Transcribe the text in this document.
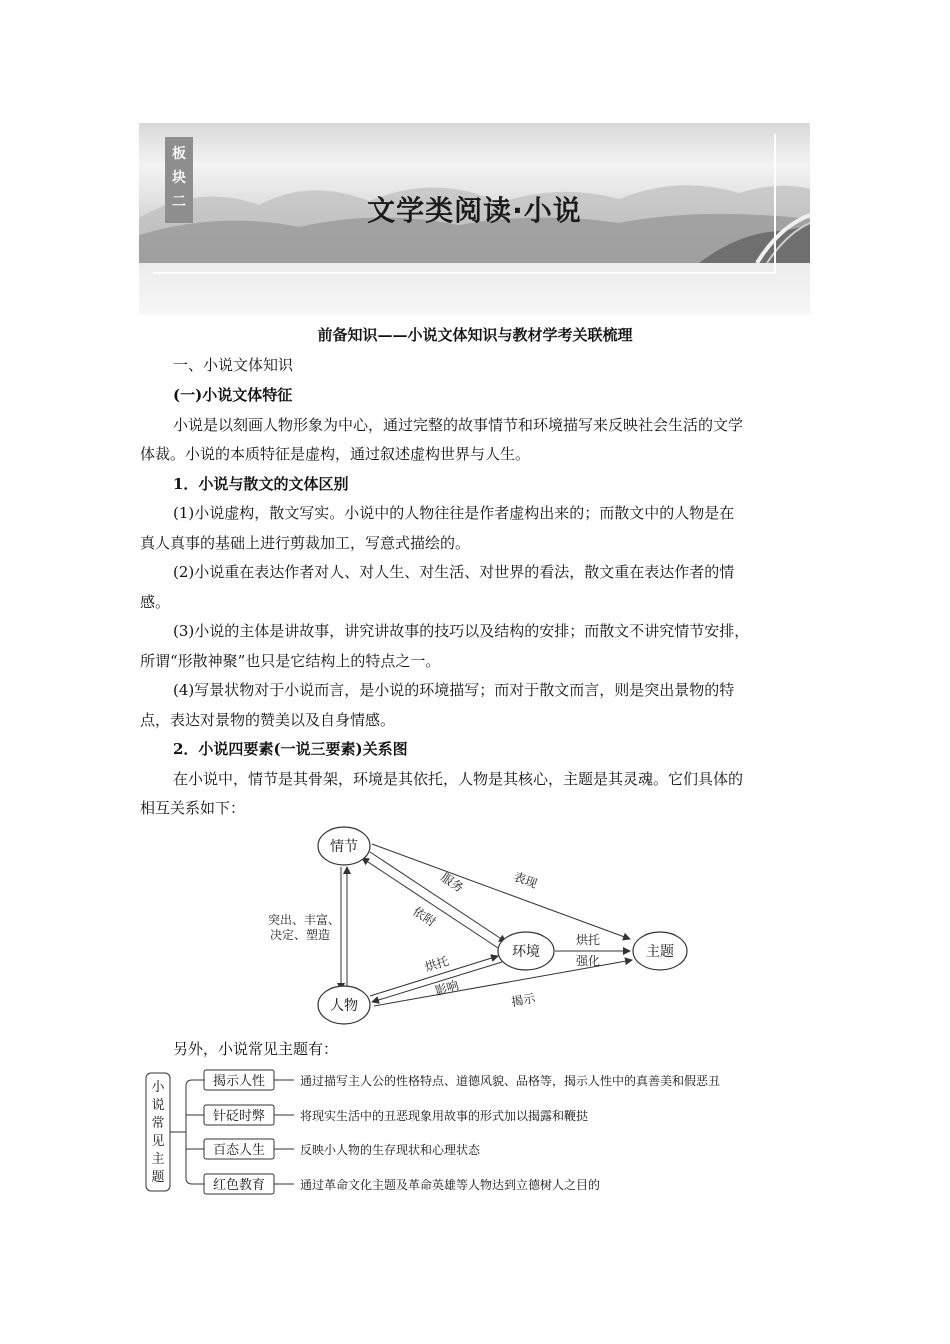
板
块
二	文学类阅读·小说
前备知识——小说文体知识与教材学考关联梳理
一、小说文体知识
(一)小说文体特征
小说是以刻画人物形象为中心，通过完整的故事情节和环境描写来反映社会生活的文学
体裁。小说的本质特征是虚构，通过叙述虚构世界与人生。
1．小说与散文的文体区别
(1)小说虚构，散文写实。小说中的人物往往是作者虚构出来的；而散文中的人物是在
真人真事的基础上进行剪裁加工，写意式描绘的。
(2)小说重在表达作者对人、对人生、对生活、对世界的看法，散文重在表达作者的情
感。
(3)小说的主体是讲故事，讲究讲故事的技巧以及结构的安排；而散文不讲究情节安排，
所谓“形散神聚”也只是它结构上的特点之一。
(4)写景状物对于小说而言，是小说的环境描写；而对于散文而言，则是突出景物的特
点，表达对景物的赞美以及自身情感。
2．小说四要素(一说三要素)关系图
在小说中，情节是其骨架，环境是其依托，人物是其核心，主题是其灵魂。它们具体的
相互关系如下：
情节
环境	主题
人物
服务
依附
表现
突出、丰富、
决定、塑造
烘托
影响
烘托
强化
揭示
另外，小说常见主题有：
小
说
常
见
主
题
揭示人性
针砭时弊
百态人生
红色教育
通过描写主人公的性格特点、道德风貌、品格等，揭示人性中的真善美和假恶丑
将现实生活中的丑恶现象用故事的形式加以揭露和鞭挞
反映小人物的生存现状和心理状态
通过革命文化主题及革命英雄等人物达到立德树人之目的
